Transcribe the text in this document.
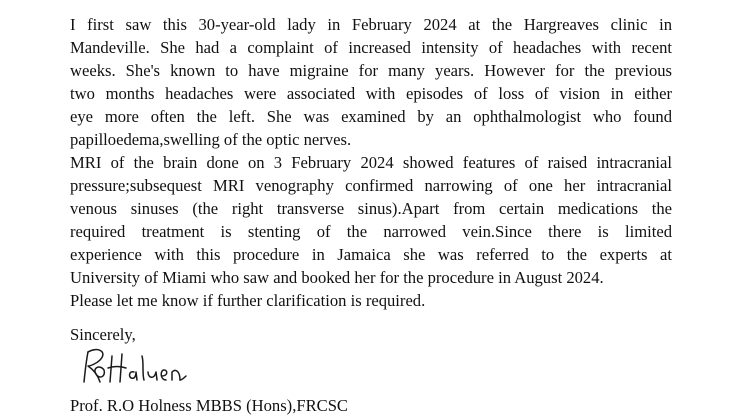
I first saw this 30-year-old lady in February 2024 at the Hargreaves clinic in
Mandeville. She had a complaint of increased intensity of headaches with recent
weeks. She's known to have migraine for many years. However for the previous
two months headaches were associated with episodes of loss of vision in either
eye more often the left. She was examined by an ophthalmologist who found
papilloedema,swelling of the optic nerves.
MRI of the brain done on 3 February 2024 showed features of raised intracranial
pressure;subsequest MRI venography confirmed narrowing of one her intracranial
venous sinuses (the right transverse sinus).Apart from certain medications the
required treatment is stenting of the narrowed vein.Since there is limited
experience with this procedure in Jamaica she was referred to the experts at
University of Miami who saw and booked her for the procedure in August 2024.
Please let me know if further clarification is required.

Sincerely,

Prof. R.O Holness MBBS (Hons),FRCSC
